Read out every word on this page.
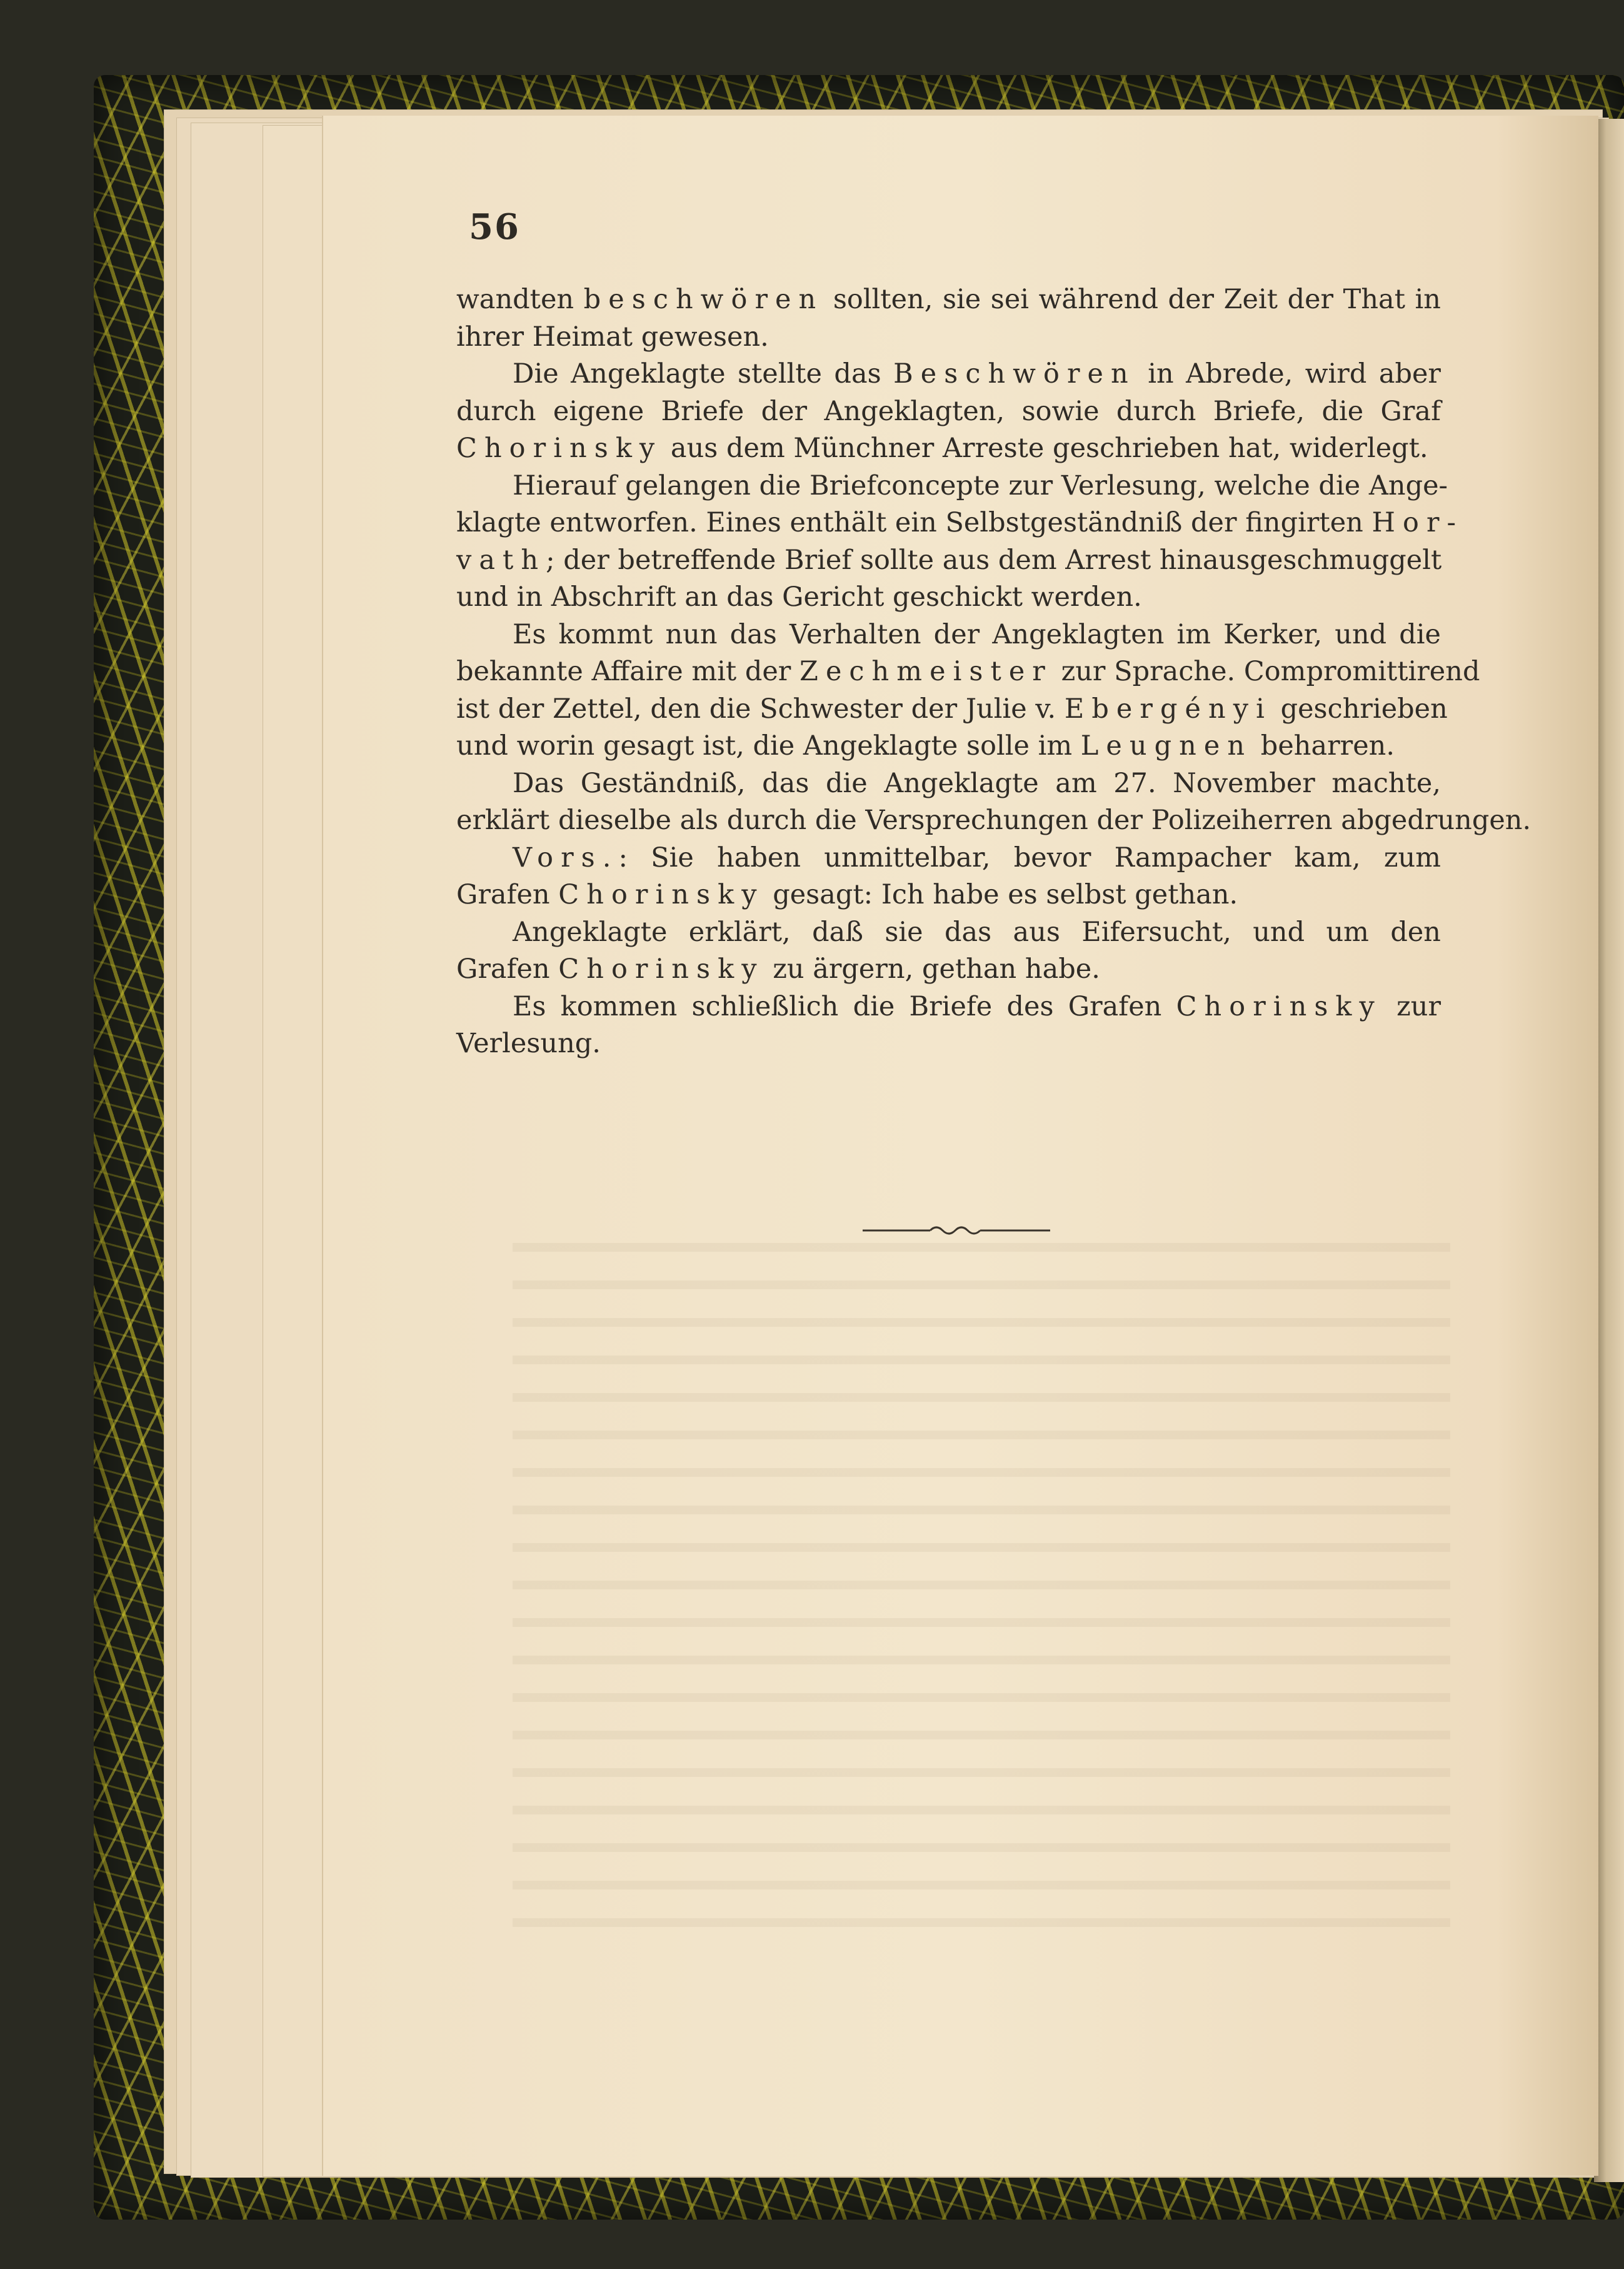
56
wandten beschwören sollten, sie sei während der Zeit der That in
ihrer Heimat gewesen.
Die Angeklagte stellte das Beschwören in Abrede, wird aber
durch eigene Briefe der Angeklagten, sowie durch Briefe, die Graf
Chorinsky aus dem Münchner Arreste geschrieben hat, widerlegt.
Hierauf gelangen die Briefconcepte zur Verlesung, welche die Ange-
klagte entworfen. Eines enthält ein Selbstgeständniß der fingirten Hor-
vath; der betreffende Brief sollte aus dem Arrest hinausgeschmuggelt
und in Abschrift an das Gericht geschickt werden.
Es kommt nun das Verhalten der Angeklagten im Kerker, und die
bekannte Affaire mit der Zechmeister zur Sprache. Compromittirend
ist der Zettel, den die Schwester der Julie v. Ebergényi geschrieben
und worin gesagt ist, die Angeklagte solle im Leugnen beharren.
Das Geständniß, das die Angeklagte am 27. November machte,
erklärt dieselbe als durch die Versprechungen der Polizeiherren abgedrungen.
Vors.: Sie haben unmittelbar, bevor Rampacher kam, zum
Grafen Chorinsky gesagt: Ich habe es selbst gethan.
Angeklagte erklärt, daß sie das aus Eifersucht, und um den
Grafen Chorinsky zu ärgern, gethan habe.
Es kommen schließlich die Briefe des Grafen Chorinsky zur
Verlesung.
